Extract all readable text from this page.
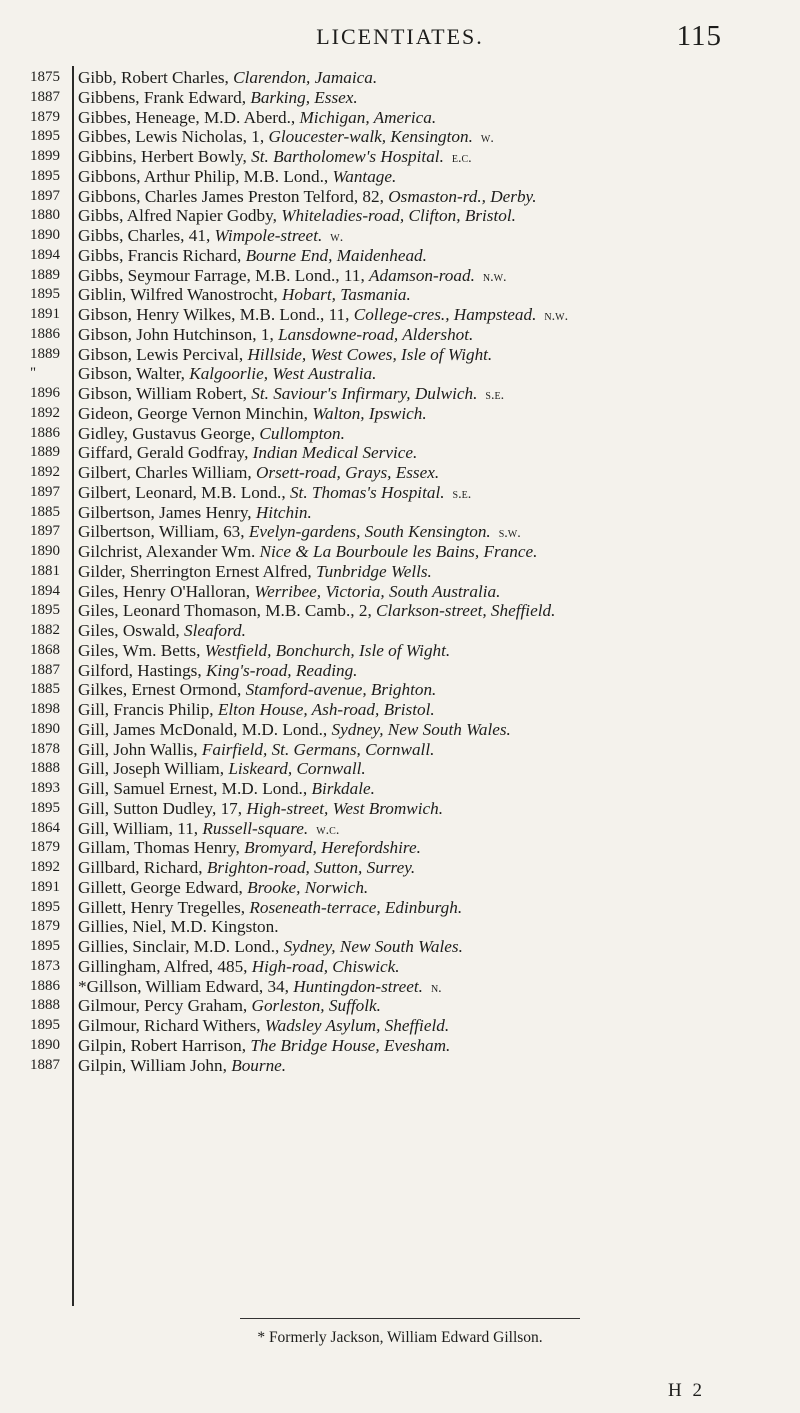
LICENTIATES.	115
1875
1887
1879
1895
1899
1895
1897
1880
1890
1894
1889
1895
1891
1886
1889
"
1896
1892
1886
1889
1892
1897
1885
1897
1890
1881
1894
1895
1882
1868
1887
1885
1898
1890
1878
1888
1893
1895
1864
1879
1892
1891
1895
1879
1895
1873
1886
1888
1895
1890
1887
Gibb, Robert Charles, Clarendon, Jamaica.
Gibbens, Frank Edward, Barking, Essex.
Gibbes, Heneage, M.D. Aberd., Michigan, America.
Gibbes, Lewis Nicholas, 1, Gloucester-walk, Kensington. w.
Gibbins, Herbert Bowly, St. Bartholomew's Hospital. e.c.
Gibbons, Arthur Philip, M.B. Lond., Wantage.
Gibbons, Charles James Preston Telford, 82, Osmaston-rd., Derby.
Gibbs, Alfred Napier Godby, Whiteladies-road, Clifton, Bristol.
Gibbs, Charles, 41, Wimpole-street. w.
Gibbs, Francis Richard, Bourne End, Maidenhead.
Gibbs, Seymour Farrage, M.B. Lond., 11, Adamson-road. n.w.
Giblin, Wilfred Wanostrocht, Hobart, Tasmania.
Gibson, Henry Wilkes, M.B. Lond., 11, College-cres., Hampstead. n.w.
Gibson, John Hutchinson, 1, Lansdowne-road, Aldershot.
Gibson, Lewis Percival, Hillside, West Cowes, Isle of Wight.
Gibson, Walter, Kalgoorlie, West Australia.
Gibson, William Robert, St. Saviour's Infirmary, Dulwich. s.e.
Gideon, George Vernon Minchin, Walton, Ipswich.
Gidley, Gustavus George, Cullompton.
Giffard, Gerald Godfray, Indian Medical Service.
Gilbert, Charles William, Orsett-road, Grays, Essex.
Gilbert, Leonard, M.B. Lond., St. Thomas's Hospital. s.e.
Gilbertson, James Henry, Hitchin.
Gilbertson, William, 63, Evelyn-gardens, South Kensington. s.w.
Gilchrist, Alexander Wm. Nice & La Bourboule les Bains, France.
Gilder, Sherrington Ernest Alfred, Tunbridge Wells.
Giles, Henry O'Halloran, Werribee, Victoria, South Australia.
Giles, Leonard Thomason, M.B. Camb., 2, Clarkson-street, Sheffield.
Giles, Oswald, Sleaford.
Giles, Wm. Betts, Westfield, Bonchurch, Isle of Wight.
Gilford, Hastings, King's-road, Reading.
Gilkes, Ernest Ormond, Stamford-avenue, Brighton.
Gill, Francis Philip, Elton House, Ash-road, Bristol.
Gill, James McDonald, M.D. Lond., Sydney, New South Wales.
Gill, John Wallis, Fairfield, St. Germans, Cornwall.
Gill, Joseph William, Liskeard, Cornwall.
Gill, Samuel Ernest, M.D. Lond., Birkdale.
Gill, Sutton Dudley, 17, High-street, West Bromwich.
Gill, William, 11, Russell-square. w.c.
Gillam, Thomas Henry, Bromyard, Herefordshire.
Gillbard, Richard, Brighton-road, Sutton, Surrey.
Gillett, George Edward, Brooke, Norwich.
Gillett, Henry Tregelles, Roseneath-terrace, Edinburgh.
Gillies, Niel, M.D. Kingston.
Gillies, Sinclair, M.D. Lond., Sydney, New South Wales.
Gillingham, Alfred, 485, High-road, Chiswick.
*Gillson, William Edward, 34, Huntingdon-street. n.
Gilmour, Percy Graham, Gorleston, Suffolk.
Gilmour, Richard Withers, Wadsley Asylum, Sheffield.
Gilpin, Robert Harrison, The Bridge House, Evesham.
Gilpin, William John, Bourne.
* Formerly Jackson, William Edward Gillson.
H 2
